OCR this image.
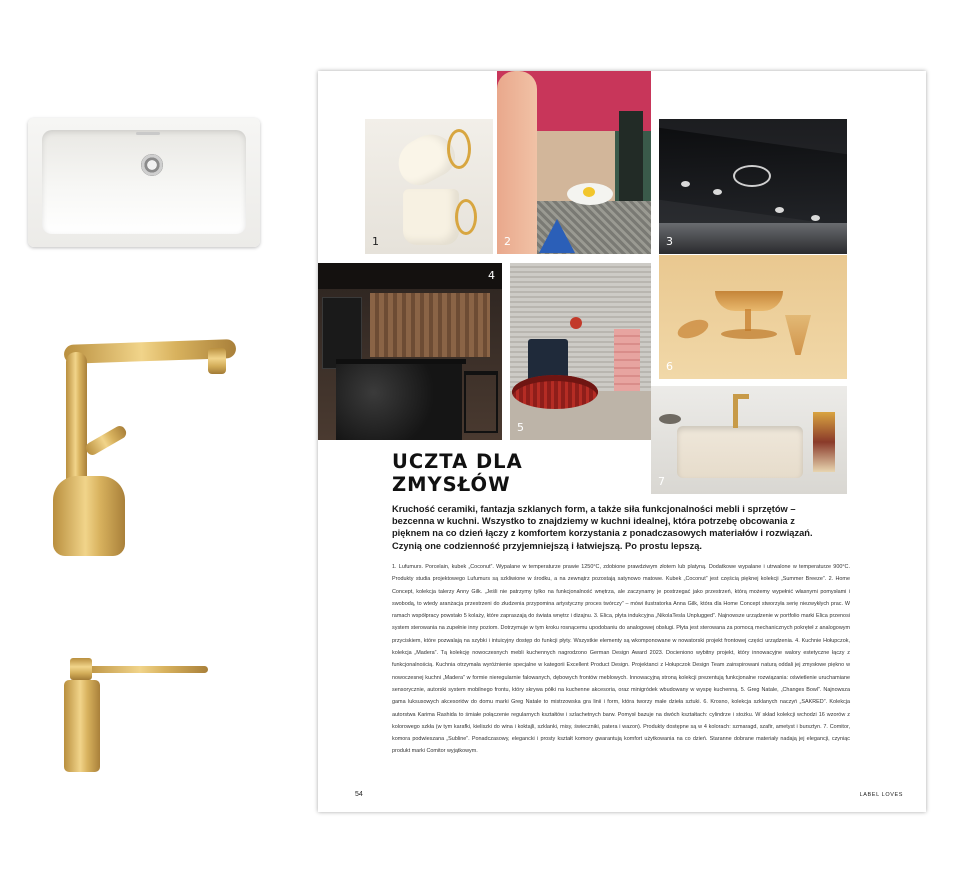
1	2	3
4
5
6
7
UCZTA DLA
ZMYSŁÓW
Kruchość ceramiki, fantazja szklanych form, a także siła funkcjonalności mebli i sprzętów – bezcenna w kuchni. Wszystko to znajdziemy w kuchni idealnej, która potrzebę obcowania z pięknem na co dzień łączy z komfortem korzystania z ponadczasowych materiałów i rozwiązań. Czynią one codzienność przyjemniejszą i łatwiejszą. Po prostu lepszą.
1. Lufumurs. Porcelain, kubek „Coconut”. Wypalane w temperaturze prawie 1250°C, zdobione prawdziwym złotem lub platyną. Dodatkowe wypalane i utrwalone w temperaturze 900°C. Produkty studia projektowego Lufumurs są szkliwione w środku, a na zewnątrz pozostają satynowo matowe. Kubek „Coconut” jest częścią pięknej kolekcji „Summer Breeze”. 2. Home Concept, kolekcja talerzy Anny Gilk. „Jeśli nie patrzymy tylko na funkcjonalność wnętrza, ale zaczynamy je postrzegać jako przestrzeń, którą możemy wypełnić własnymi pomysłami i swobodą, to wtedy aranżacja przestrzeni do złudzenia przypomina artystyczny proces twórczy” – mówi ilustratorka Anna Gilk, która dla Home Concept stworzyła serię niezwykłych prac. W ramach współpracy powstało 5 kolaży, które zapraszają do świata wnętrz i dizajnu. 3. Elica, płyta indukcyjna „NikolaTesla Unplugged”. Najnowsze urządzenie w portfolio marki Elica przenosi system sterowania na zupełnie inny poziom. Dotrzymuje w tym kroku rosnącemu upodobaniu do analogowej obsługi. Płyta jest sterowana za pomocą mechanicznych pokręteł z analogowym przyciskiem, które pozwalają na szybki i intuicyjny dostęp do funkcji płyty. Wszystkie elementy są wkomponowane w nowatorski projekt frontowej części urządzenia. 4. Kuchnie Hołupczok, kolekcja „Madera”. Tą kolekcję nowoczesnych mebli kuchennych nagrodzono German Design Award 2023. Docieniono wybitny projekt, który innowacyjne walory estetyczne łączy z funkcjonalnością. Kuchnia otrzymała wyróżnienie specjalne w kategorii Excellent Product Design. Projektanci z Hołupczok Design Team zainspirowani naturą oddali jej zmysłowe piękno w nowoczesnej kuchni „Madera” w formie nieregularnie falowanych, dębowych frontów meblowych. Innowacyjną stroną kolekcji prezentują funkcjonalne rozwiązania: oświetlenie uruchamiane sensorycznie, autorski system mobilnego frontu, który skrywa półki na kuchenne akcesoria, oraz minigródek wbudowany w wyspę kuchenną. 5. Greg Natale, „Changes Bowl”. Najnowsza gama luksusowych akcesoriów do domu marki Greg Natale to mistrzowska gra linii i form, która tworzy małe dzieła sztuki. 6. Krosno, kolekcja szklanych naczyń „SAKRED”. Kolekcja autorstwa Karima Rashida to śmiałe połączenie regularnych kształtów i szlachetnych barw. Pomysł bazuje na dwóch kształtach: cylindrze i stożku. W skład kolekcji wchodzi 16 wzorów z kolorowego szkła (w tym karafki, kieliszki do wina i koktajli, szklanki, misy, świeczniki, patera i wazon). Produkty dostępne są w 4 kolorach: szmaragd, szafir, ametyst i bursztyn. 7. Comitor, komora podwieszana „Subline”. Ponadczasowy, elegancki i prosty kształt komory gwarantują komfort użytkowania na co dzień. Staranne dobrane materiały nadają jej elegancji, czyniąc produkt marki Comitor wyjątkowym.
54	LABEL LOVES
